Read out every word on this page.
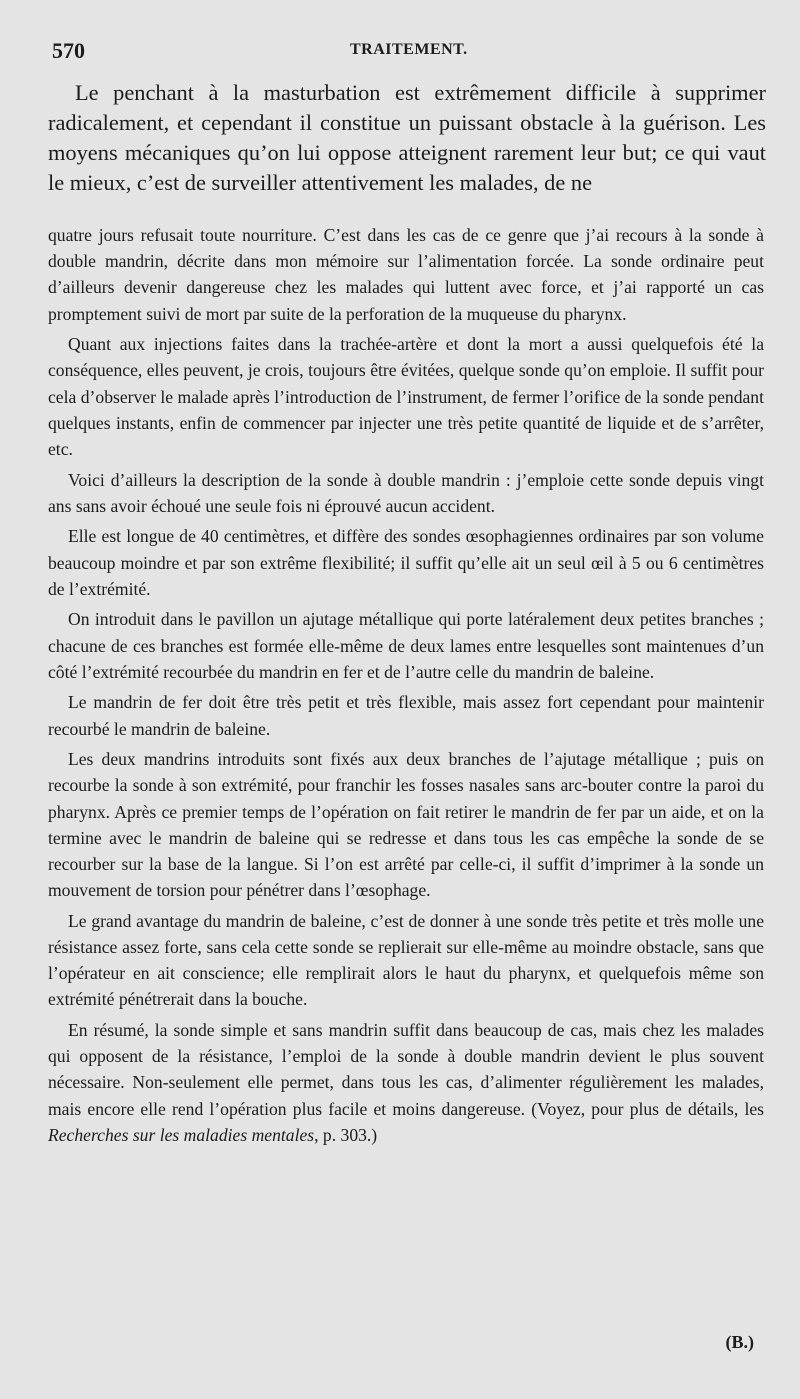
570	TRAITEMENT.

Le penchant à la masturbation est extrêmement difficile à supprimer radicalement, et cependant il constitue un puissant obstacle à la guérison. Les moyens mécaniques qu’on lui oppose atteignent rarement leur but; ce qui vaut le mieux, c’est de surveiller attentivement les malades, de ne

quatre jours refusait toute nourriture. C’est dans les cas de ce genre que j’ai recours à la sonde à double mandrin, décrite dans mon mémoire sur l’alimentation forcée. La sonde ordinaire peut d’ailleurs devenir dangereuse chez les malades qui luttent avec force, et j’ai rapporté un cas promptement suivi de mort par suite de la perforation de la muqueuse du pharynx.

Quant aux injections faites dans la trachée-artère et dont la mort a aussi quelquefois été la conséquence, elles peuvent, je crois, toujours être évitées, quelque sonde qu’on emploie. Il suffit pour cela d’observer le malade après l’introduction de l’instrument, de fermer l’orifice de la sonde pendant quelques instants, enfin de commencer par injecter une très petite quantité de liquide et de s’arrêter, etc.

Voici d’ailleurs la description de la sonde à double mandrin : j’emploie cette sonde depuis vingt ans sans avoir échoué une seule fois ni éprouvé aucun accident.

Elle est longue de 40 centimètres, et diffère des sondes œsophagiennes ordinaires par son volume beaucoup moindre et par son extrême flexibilité; il suffit qu’elle ait un seul œil à 5 ou 6 centimètres de l’extrémité.

On introduit dans le pavillon un ajutage métallique qui porte latéralement deux petites branches ; chacune de ces branches est formée elle-même de deux lames entre lesquelles sont maintenues d’un côté l’extrémité recourbée du mandrin en fer et de l’autre celle du mandrin de baleine.

Le mandrin de fer doit être très petit et très flexible, mais assez fort cependant pour maintenir recourbé le mandrin de baleine.

Les deux mandrins introduits sont fixés aux deux branches de l’ajutage métallique ; puis on recourbe la sonde à son extrémité, pour franchir les fosses nasales sans arc-bouter contre la paroi du pharynx. Après ce premier temps de l’opération on fait retirer le mandrin de fer par un aide, et on la termine avec le mandrin de baleine qui se redresse et dans tous les cas empêche la sonde de se recourber sur la base de la langue. Si l’on est arrêté par celle-ci, il suffit d’imprimer à la sonde un mouvement de torsion pour pénétrer dans l’œsophage.

Le grand avantage du mandrin de baleine, c’est de donner à une sonde très petite et très molle une résistance assez forte, sans cela cette sonde se replierait sur elle-même au moindre obstacle, sans que l’opérateur en ait conscience; elle remplirait alors le haut du pharynx, et quelquefois même son extrémité pénétrerait dans la bouche.

En résumé, la sonde simple et sans mandrin suffit dans beaucoup de cas, mais chez les malades qui opposent de la résistance, l’emploi de la sonde à double mandrin devient le plus souvent nécessaire. Non-seulement elle permet, dans tous les cas, d’alimenter régulièrement les malades, mais encore elle rend l’opération plus facile et moins dangereuse. (Voyez, pour plus de détails, les Recherches sur les maladies mentales, p. 303.)

(B.)
